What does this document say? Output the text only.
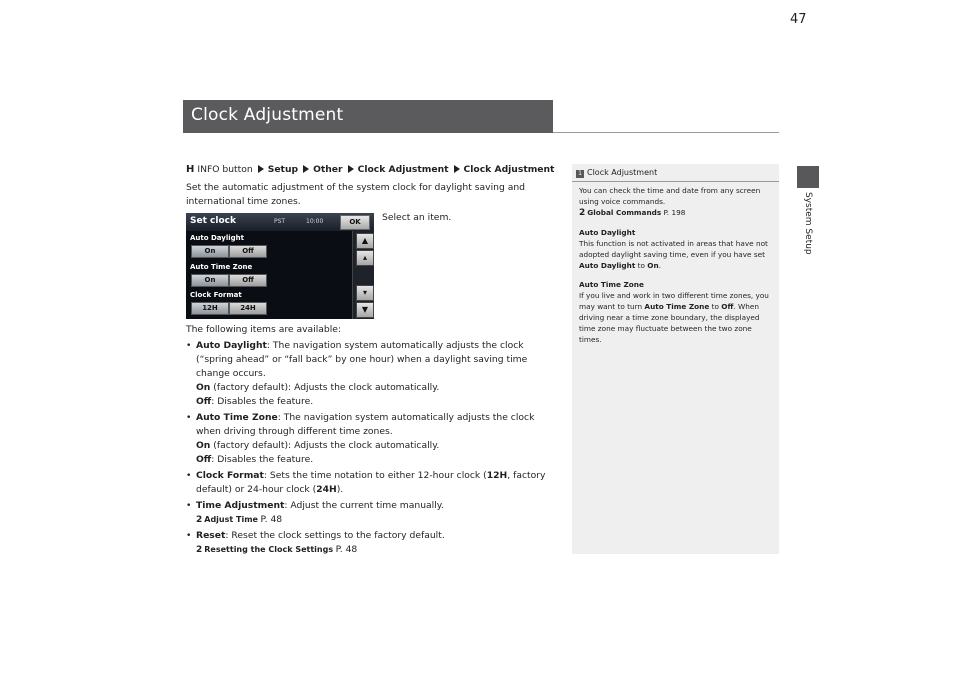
Clock Adjustment
47
System Setup
H INFO button Setup Other Clock Adjustment Clock Adjustment
Set the automatic adjustment of the system clock for daylight saving and international time zones.
Select an item.
Set clock	PST	10:00	OK
Auto Daylight
On	Off
Auto Time Zone
On	Off
Clock Format
12H	24H
▲
▴
▾
▼

The following items are available:

• Auto Daylight: The navigation system automatically adjusts the clock (“spring ahead” or “fall back” by one hour) when a daylight saving time change occurs.

On (factory default): Adjusts the clock automatically.

Off: Disables the feature.

• Auto Time Zone: The navigation system automatically adjusts the clock when driving through different time zones.

On (factory default): Adjusts the clock automatically.

Off: Disables the feature.

• Clock Format: Sets the time notation to either 12-hour clock (12H, factory default) or 24-hour clock (24H).

• Time Adjustment: Adjust the current time manually.

2 Adjust Time P. 48

• Reset: Reset the clock settings to the factory default.

2 Resetting the Clock Settings P. 48

1 Clock Adjustment

You can check the time and date from any screen using voice commands.
2 Global Commands P. 198

Auto Daylight
This function is not activated in areas that have not adopted daylight saving time, even if you have set Auto Daylight to On.

Auto Time Zone
If you live and work in two different time zones, you may want to turn Auto Time Zone to Off. When driving near a time zone boundary, the displayed time zone may fluctuate between the two zone times.
